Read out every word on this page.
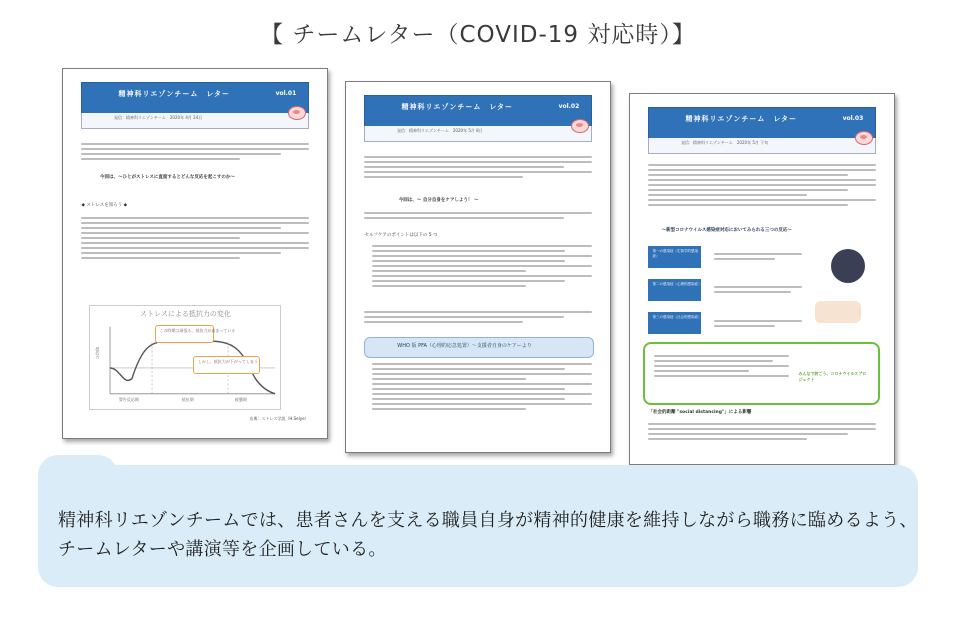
【 チームレター（COVID-19 対応時）】
精神科リエゾンチーム　レター	vol.01
発信：精神科リエゾンチーム　2020年 4月 24日
今回は、〜ひとがストレスに直面するとどんな反応を起こすのか〜
◆ ストレスを知ろう ◆
ストレスによる抵抗力の変化
この時期は頑張る、抵抗力が高まっている
しかし、抵抗力が下がってしまう
抵抗力
警告反応期	抵抗期	疲憊期
出典：ストレス学説（H.Selye）
精神科リエゾンチーム　レター	vol.02
発信：精神科リエゾンチーム　2020年 5月 8日
今回は、〜 自分自身をケアしよう！ 〜
セルフケアのポイントは以下の 5 つ
WHO 版 PFA（心理的応急処置）〜支援者自身のケアーより
精神科リエゾンチーム　レター	vol.03
発信：精神科リエゾンチーム　2020年 5月 下旬
〜新型コロナウイルス感染症対応においてみられる三つの反応〜
第一の感染症（生物学的感染症）
第二の感染症（心理的感染症）
第三の感染症（社会的感染症）
みんなで防ごう、コロナウイルスプロジェクト
「社会的距離 "social distancing"」による影響
精神科リエゾンチームでは、患者さんを支える職員自身が精神的健康を維持しながら職務に臨めるよう、チームレターや講演等を企画している。
